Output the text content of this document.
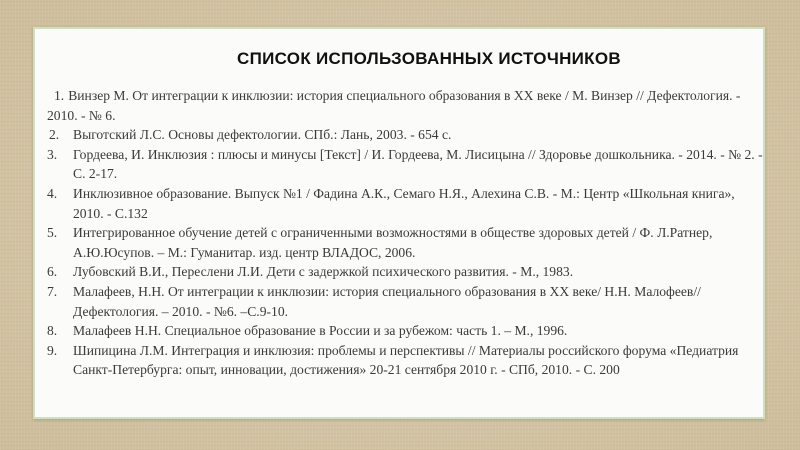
СПИСОК ИСПОЛЬЗОВАННЫХ ИСТОЧНИКОВ
1. Винзер М. От интеграции к инклюзии: история специального образования в XX веке / М. Винзер // Дефектология. - 2010. - № 6.
2. Выготский Л.С. Основы дефектологии. СПб.: Лань, 2003. - 654 с.
3. Гордеева, И. Инклюзия : плюсы и минусы [Текст] / И. Гордеева, М. Лисицына // Здоровье дошкольника. - 2014. - № 2. - С. 2-17.
4. Инклюзивное образование. Выпуск №1 / Фадина А.К., Семаго Н.Я., Алехина С.В. - М.: Центр «Школьная книга», 2010. - С.132
5. Интегрированное обучение детей с ограниченными возможностями в обществе здоровых детей / Ф. Л.Ратнер, А.Ю.Юсупов. – М.: Гуманитар. изд. центр ВЛАДОС, 2006.
6. Лубовский В.И., Переслени Л.И. Дети с задержкой психического развития. - М., 1983.
7. Малафеев, Н.Н. От интеграции к инклюзии: история специального образования в XX веке/ Н.Н. Малофеев// Дефектология. – 2010. - №6. –С.9-10.
8. Малафеев Н.Н. Специальное образование в России и за рубежом: часть 1. – М., 1996.
9. Шипицина Л.М. Интеграция и инклюзия: проблемы и перспективы // Материалы российского форума «Педиатрия Санкт-Петербурга: опыт, инновации, достижения» 20-21 сентября 2010 г. - СПб, 2010. - С. 200
